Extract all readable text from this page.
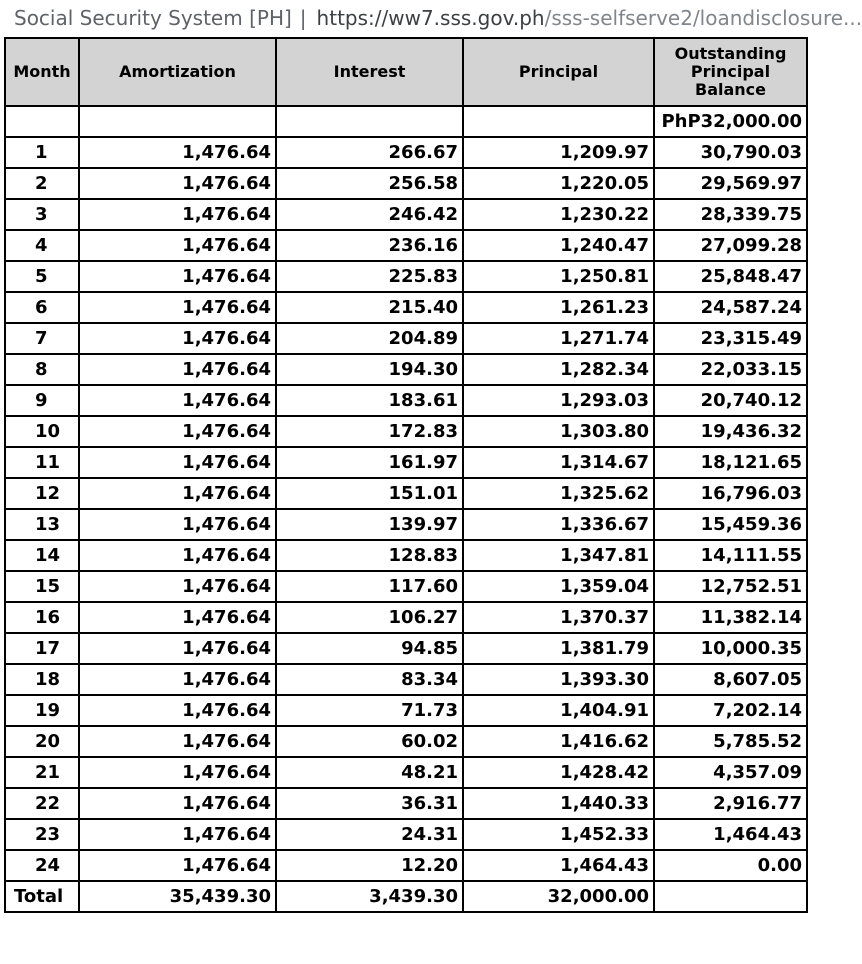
Social Security System [PH] | https://ww7.sss.gov.ph /sss-selfserve2/loandisclosure...
Month	Amortization	Interest	Principal	Outstanding Principal Balance
				PhP32,000.00
1	1,476.64	266.67	1,209.97	30,790.03
2	1,476.64	256.58	1,220.05	29,569.97
3	1,476.64	246.42	1,230.22	28,339.75
4	1,476.64	236.16	1,240.47	27,099.28
5	1,476.64	225.83	1,250.81	25,848.47
6	1,476.64	215.40	1,261.23	24,587.24
7	1,476.64	204.89	1,271.74	23,315.49
8	1,476.64	194.30	1,282.34	22,033.15
9	1,476.64	183.61	1,293.03	20,740.12
10	1,476.64	172.83	1,303.80	19,436.32
11	1,476.64	161.97	1,314.67	18,121.65
12	1,476.64	151.01	1,325.62	16,796.03
13	1,476.64	139.97	1,336.67	15,459.36
14	1,476.64	128.83	1,347.81	14,111.55
15	1,476.64	117.60	1,359.04	12,752.51
16	1,476.64	106.27	1,370.37	11,382.14
17	1,476.64	94.85	1,381.79	10,000.35
18	1,476.64	83.34	1,393.30	8,607.05
19	1,476.64	71.73	1,404.91	7,202.14
20	1,476.64	60.02	1,416.62	5,785.52
21	1,476.64	48.21	1,428.42	4,357.09
22	1,476.64	36.31	1,440.33	2,916.77
23	1,476.64	24.31	1,452.33	1,464.43
24	1,476.64	12.20	1,464.43	0.00
Total	35,439.30	3,439.30	32,000.00	
